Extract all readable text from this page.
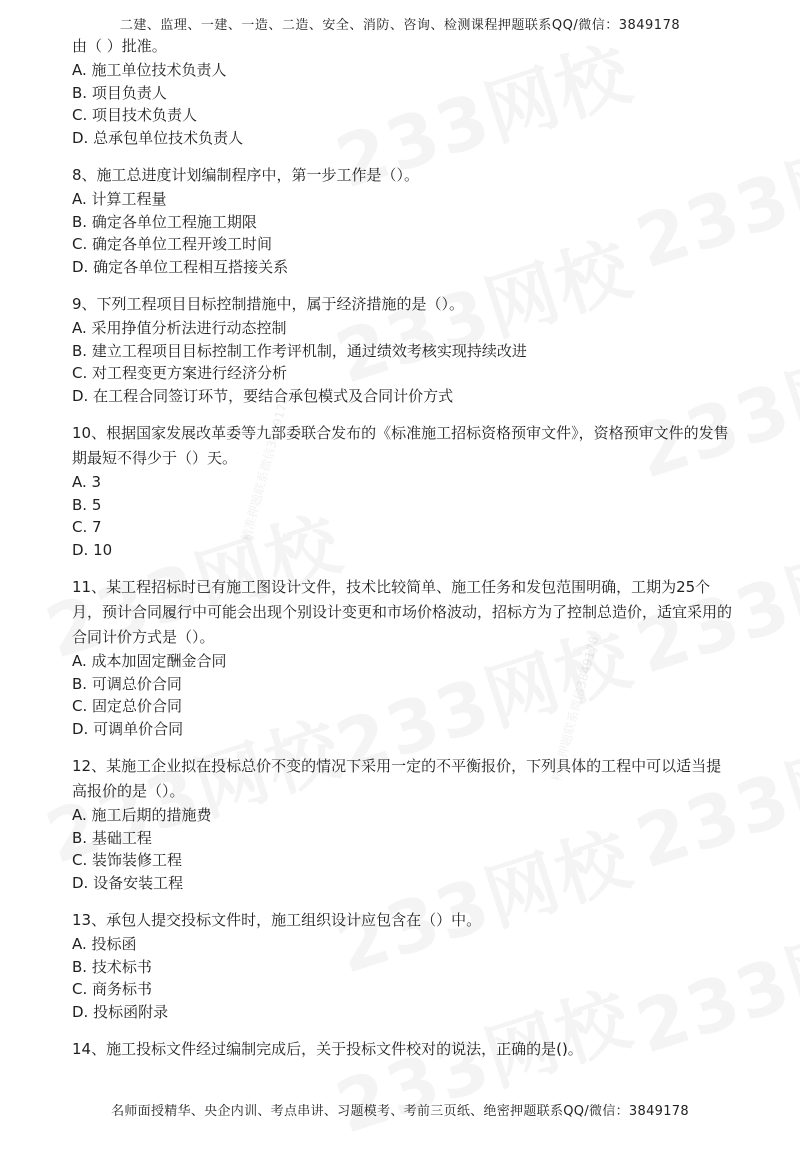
精准押题联系微信3849178
精准押题联系微信3849178
二建、监理、一建、一造、二造、安全、消防、咨询、检测课程押题联系QQ/微信：3849178

由（ ）批准。

A. 施工单位技术负责人

B. 项目负责人

C. 项目技术负责人

D. 总承包单位技术负责人

8、施工总进度计划编制程序中，第一步工作是（）。

A. 计算工程量

B. 确定各单位工程施工期限

C. 确定各单位工程开竣工时间

D. 确定各单位工程相互搭接关系

9、下列工程项目目标控制措施中，属于经济措施的是（）。

A. 采用挣值分析法进行动态控制

B. 建立工程项目目标控制工作考评机制，通过绩效考核实现持续改进

C. 对工程变更方案进行经济分析

D. 在工程合同签订环节，要结合承包模式及合同计价方式

10、根据国家发展改革委等九部委联合发布的《标准施工招标资格预审文件》，资格预审文件的发售期最短不得少于（）天。

A. 3

B. 5

C. 7

D. 10

11、某工程招标时已有施工图设计文件，技术比较简单、施工任务和发包范围明确，工期为25个月，预计合同履行中可能会出现个别设计变更和市场价格波动，招标方为了控制总造价，适宜采用的合同计价方式是（）。

A. 成本加固定酬金合同

B. 可调总价合同

C. 固定总价合同

D. 可调单价合同

12、某施工企业拟在投标总价不变的情况下采用一定的不平衡报价，下列具体的工程中可以适当提高报价的是（）。

A. 施工后期的措施费

B. 基础工程

C. 装饰装修工程

D. 设备安装工程

13、承包人提交投标文件时，施工组织设计应包含在（）中。

A. 投标函

B. 技术标书

C. 商务标书

D. 投标函附录

14、施工投标文件经过编制完成后，关于投标文件校对的说法，正确的是()。

名师面授精华、央企内训、考点串讲、习题模考、考前三页纸、绝密押题联系QQ/微信：3849178
